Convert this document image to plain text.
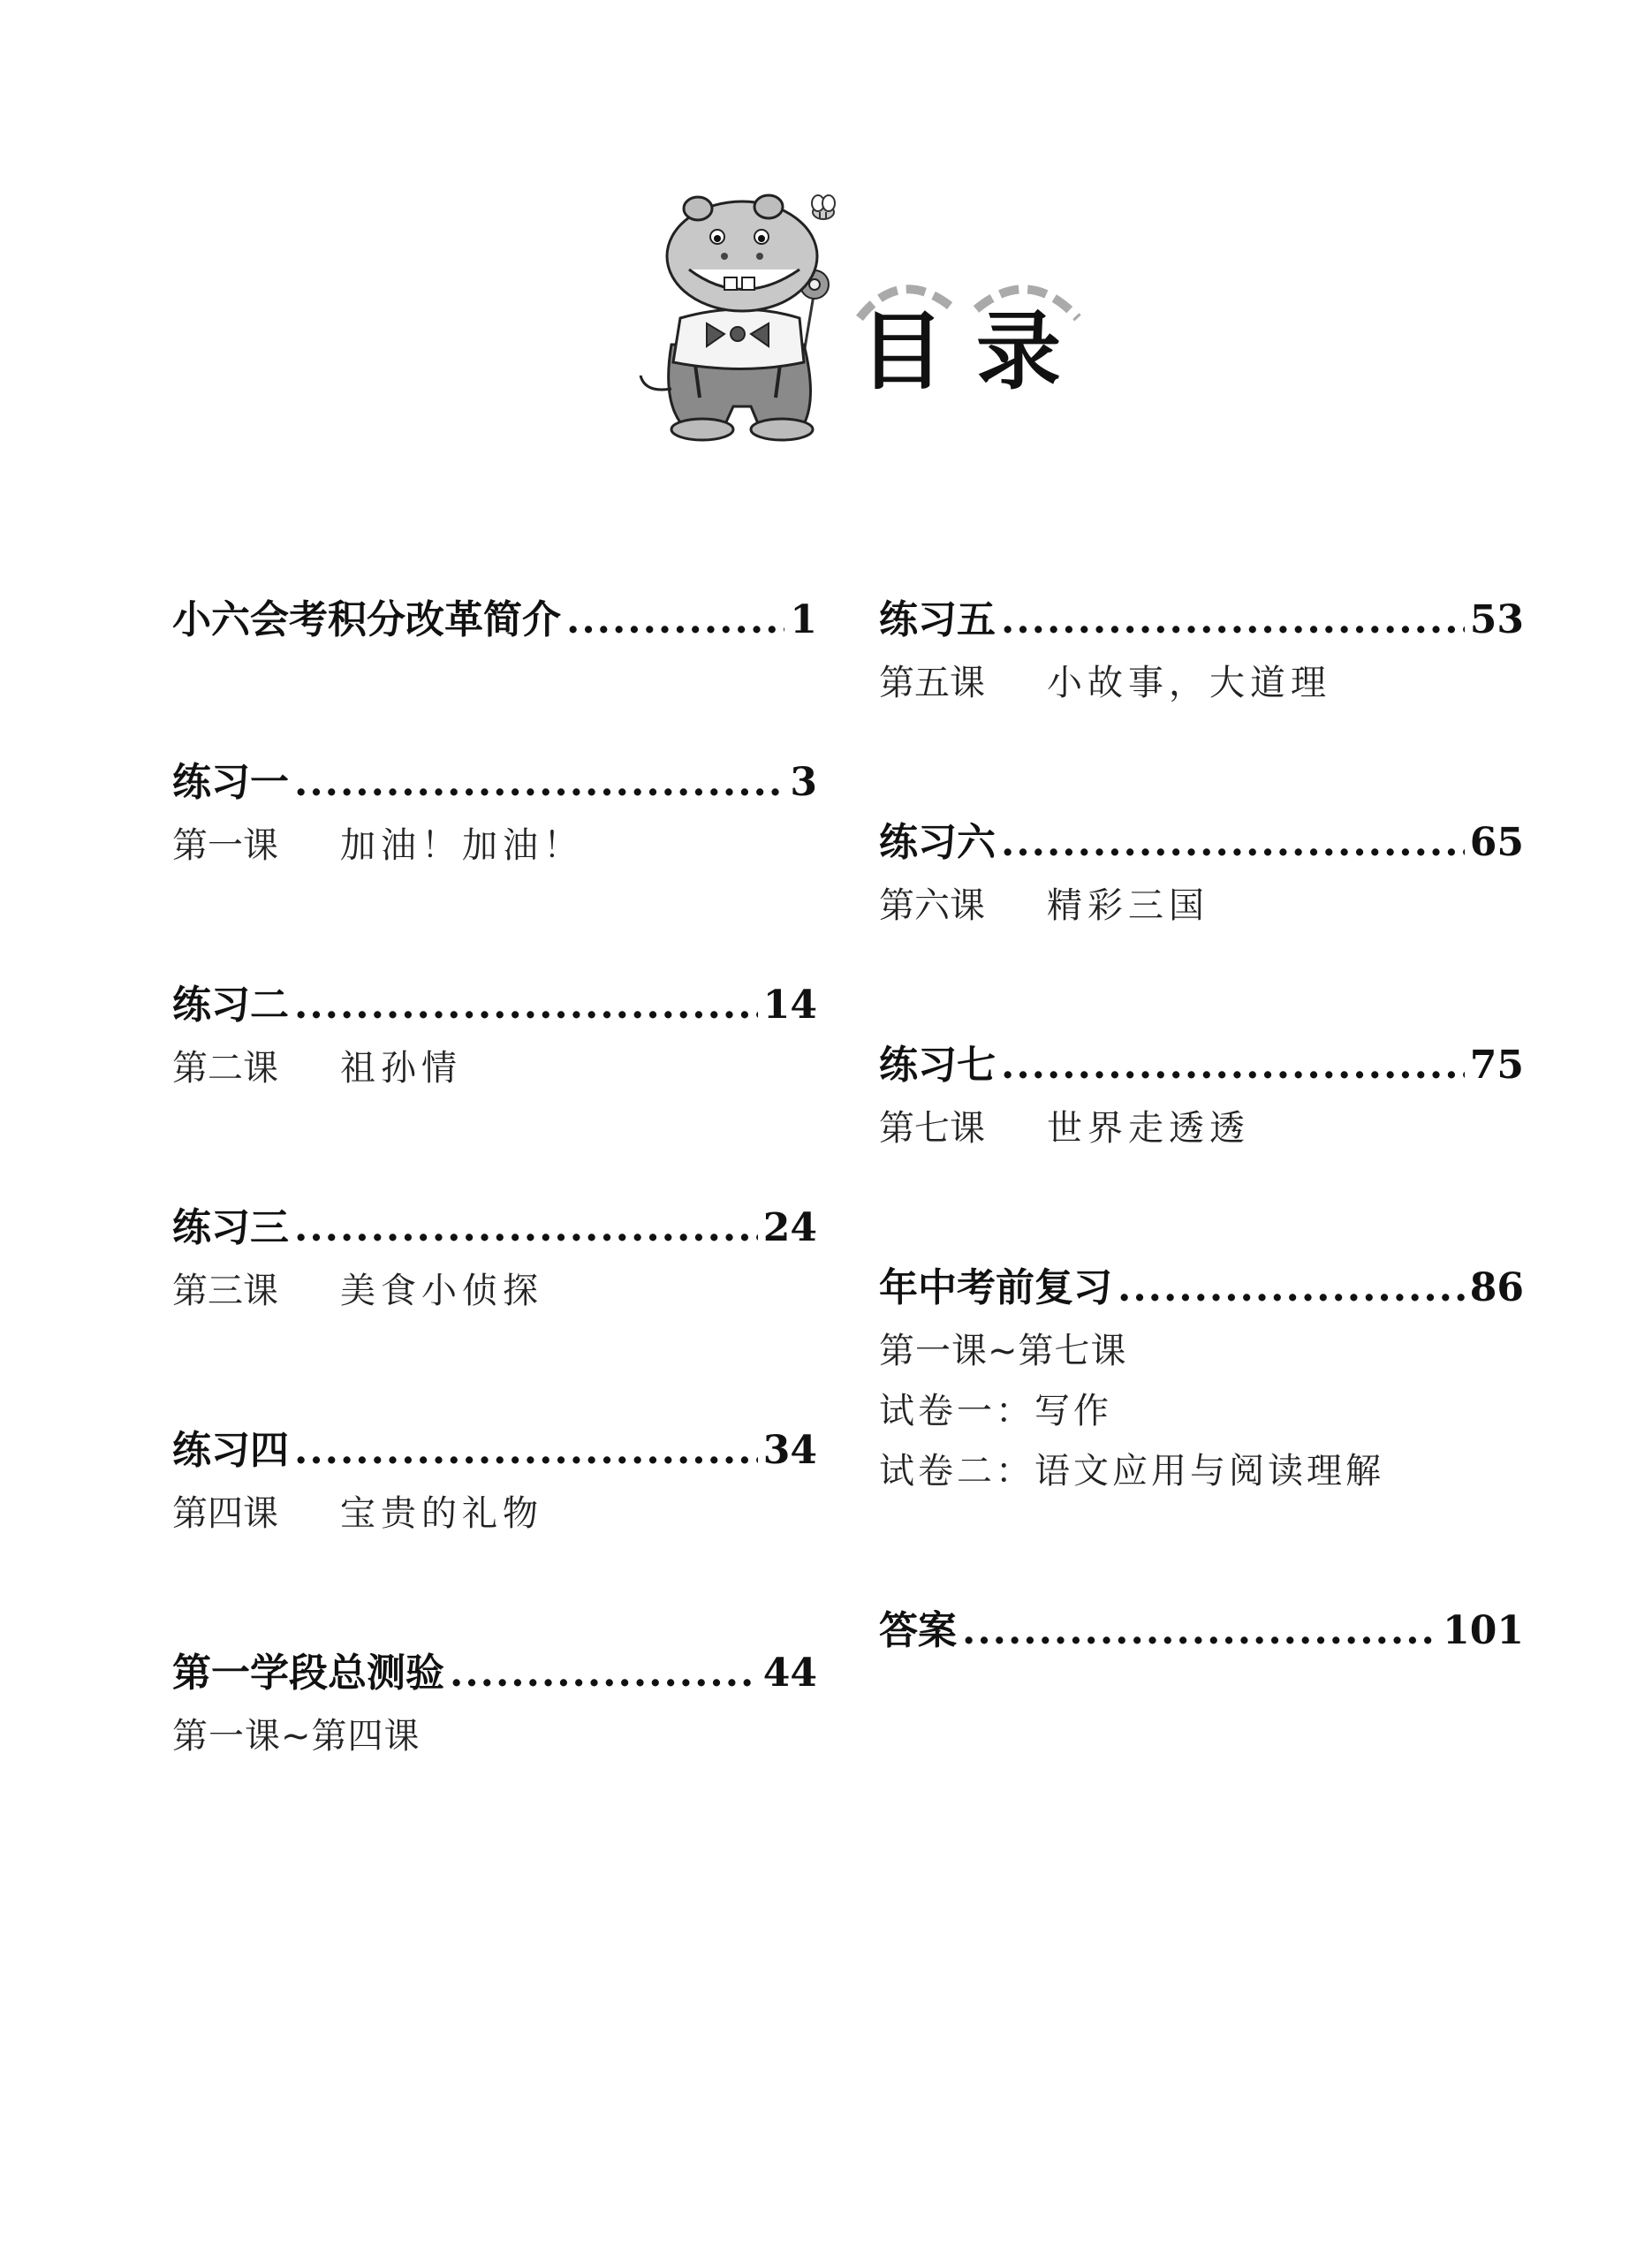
目录
小六会考积分改革简介 .....	1
练习一 .....	3
第一课 加油！加油！
练习二 .....	14
第二课 祖孙情
练习三 .....	24
第三课 美食小侦探
练习四 .....	34
第四课 宝贵的礼物
第一学段总测验 .....	44
第一课~第四课
练习五 .....	53
第五课 小故事，大道理
练习六 .....	65
第六课 精彩三国
练习七 .....	75
第七课 世界走透透
年中考前复习 .....	86
第一课~第七课
试卷一：写作
试卷二：语文应用与阅读理解
答案 .....	101
